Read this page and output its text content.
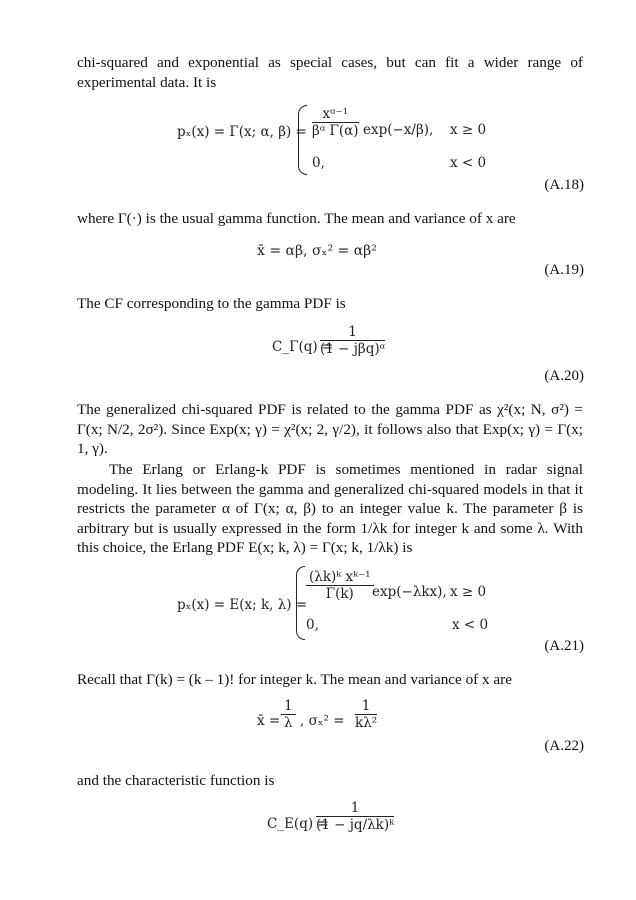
chi-squared and exponential as special cases, but can fit a wider range of experimental data. It is

pₓ(x) = Γ(x; α, $\beta) = \frac{\text{xᵅ⁻¹}}{\text{βᵅ Γ(α)}} \exp(-x/\beta)$, x ≥ 0
0,	x < 0
(A.18)

where Γ(·) is the usual gamma function. The mean and variance of x are

x̄ = αβ, σₓ² = αβ²
(A.19)

The CF corresponding to the gamma PDF is

C_Γ(q) =
$\frac{1}{\text{(1 − jβq)ᵅ}}$
(A.20)

The generalized chi-squared PDF is related to the gamma PDF as χ²(x; N, σ²) = Γ(x; N/2, 2σ²). Since Exp(x; γ) = χ²(x; 2, γ/2), it follows also that Exp(x; γ) = Γ(x; 1, γ).

The Erlang or Erlang-k PDF is sometimes mentioned in radar signal modeling. It lies between the gamma and generalized chi-squared models in that it restricts the parameter α of Γ(x; α, β) to an integer value k. The parameter β is arbitrary but is usually expressed in the form 1/λk for integer k and some λ. With this choice, the Erlang PDF E(x; k, λ) = Γ(x; k, 1/λk) is

pₓ(x) = E(x; k, λ) =
$\frac{\text{(λk)ᵏ xᵏ⁻¹}}{\Gamma(k)}$
exp(−λkx), x ≥ 0
0,	x < 0
(A.21)

Recall that Γ(k) = (k – 1)! for integer k. The mean and variance of x are

x̄ = $\frac{1}{\lambda}$ , $\sigma_x^2 = \frac{1}{\text{kλ²}}$
(A.22)

and the characteristic function is

C_E(q) =
$\frac{1}{\text{(1 − jq/λk)ᵏ}}$
